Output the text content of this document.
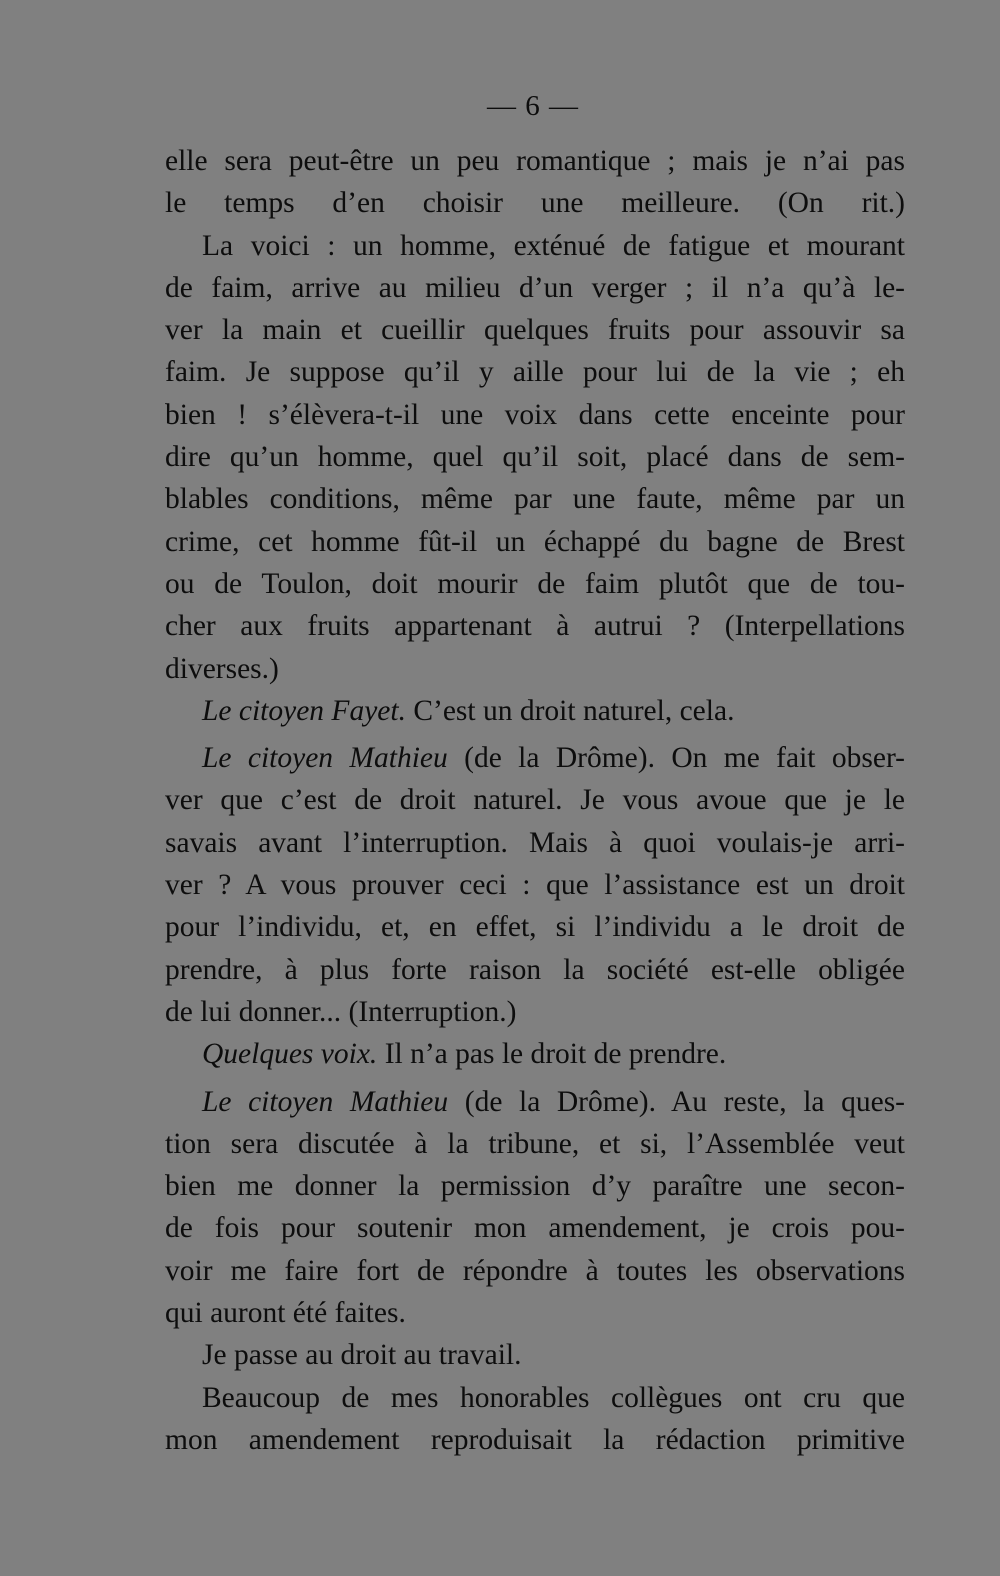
— 6 —
elle sera peut-être un peu romantique ; mais je n’ai pas
le temps d’en choisir une meilleure. (On rit.)
La voici : un homme, exténué de fatigue et mourant
de faim, arrive au milieu d’un verger ; il n’a qu’à le-
ver la main et cueillir quelques fruits pour assouvir sa
faim. Je suppose qu’il y aille pour lui de la vie ; eh
bien ! s’élèvera-t-il une voix dans cette enceinte pour
dire qu’un homme, quel qu’il soit, placé dans de sem-
blables conditions, même par une faute, même par un
crime, cet homme fût-il un échappé du bagne de Brest
ou de Toulon, doit mourir de faim plutôt que de tou-
cher aux fruits appartenant à autrui ? (Interpellations
diverses.)
Le citoyen Fayet. C’est un droit naturel, cela.
Le citoyen Mathieu (de la Drôme). On me fait obser-
ver que c’est de droit naturel. Je vous avoue que je le
savais avant l’interruption. Mais à quoi voulais-je arri-
ver ? A vous prouver ceci : que l’assistance est un droit
pour l’individu, et, en effet, si l’individu a le droit de
prendre, à plus forte raison la société est-elle obligée
de lui donner... (Interruption.)
Quelques voix. Il n’a pas le droit de prendre.
Le citoyen Mathieu (de la Drôme). Au reste, la ques-
tion sera discutée à la tribune, et si, l’Assemblée veut
bien me donner la permission d’y paraître une secon-
de fois pour soutenir mon amendement, je crois pou-
voir me faire fort de répondre à toutes les observations
qui auront été faites.
Je passe au droit au travail.
Beaucoup de mes honorables collègues ont cru que
mon amendement reproduisait la rédaction primitive
